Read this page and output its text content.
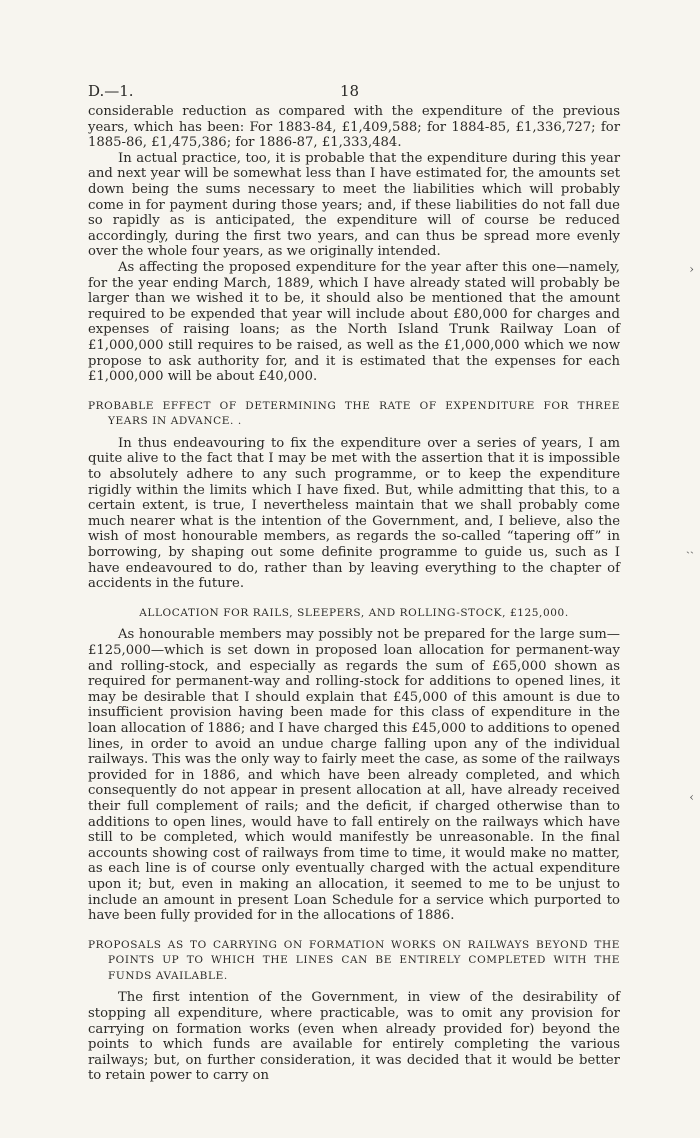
D.—1.	18

considerable reduction as compared with the expenditure of the previous years, which has been: For 1883-84, £1,409,588; for 1884-85, £1,336,727; for 1885-86, £1,475,386; for 1886-87, £1,333,484.

In actual practice, too, it is probable that the expenditure during this year and next year will be somewhat less than I have estimated for, the amounts set down being the sums necessary to meet the liabilities which will probably come in for payment during those years; and, if these liabilities do not fall due so rapidly as is anticipated, the expenditure will of course be reduced accordingly, during the first two years, and can thus be spread more evenly over the whole four years, as we originally intended.

As affecting the proposed expenditure for the year after this one—namely, for the year ending March, 1889, which I have already stated will probably be larger than we wished it to be, it should also be mentioned that the amount required to be expended that year will include about £80,000 for charges and expenses of raising loans; as the North Island Trunk Railway Loan of £1,000,000 still requires to be raised, as well as the £1,000,000 which we now propose to ask authority for, and it is estimated that the expenses for each £1,000,000 will be about £40,000.

PROBABLE EFFECT OF DETERMINING THE RATE OF EXPENDITURE FOR THREE YEARS IN ADVANCE. .

In thus endeavouring to fix the expenditure over a series of years, I am quite alive to the fact that I may be met with the assertion that it is impossible to absolutely adhere to any such programme, or to keep the expenditure rigidly within the limits which I have fixed. But, while admitting that this, to a certain extent, is true, I nevertheless maintain that we shall probably come much nearer what is the intention of the Government, and, I believe, also the wish of most honourable members, as regards the so-called “tapering off” in borrowing, by shaping out some definite programme to guide us, such as I have endeavoured to do, rather than by leaving everything to the chapter of accidents in the future.

ALLOCATION FOR RAILS, SLEEPERS, AND ROLLING-STOCK, £125,000.

As honourable members may possibly not be prepared for the large sum—£125,000—which is set down in proposed loan allocation for permanent-way and rolling-stock, and especially as regards the sum of £65,000 shown as required for permanent-way and rolling-stock for additions to opened lines, it may be desirable that I should explain that £45,000 of this amount is due to insufficient provision having been made for this class of expenditure in the loan allocation of 1886; and I have charged this £45,000 to additions to opened lines, in order to avoid an undue charge falling upon any of the individual railways. This was the only way to fairly meet the case, as some of the railways provided for in 1886, and which have been already completed, and which consequently do not appear in present allocation at all, have already received their full complement of rails; and the deficit, if charged otherwise than to additions to open lines, would have to fall entirely on the railways which have still to be completed, which would manifestly be unreasonable. In the final accounts showing cost of railways from time to time, it would make no matter, as each line is of course only eventually charged with the actual expenditure upon it; but, even in making an allocation, it seemed to me to be unjust to include an amount in present Loan Schedule for a service which purported to have been fully provided for in the allocations of 1886.

PROPOSALS AS TO CARRYING ON FORMATION WORKS ON RAILWAYS BEYOND THE POINTS UP TO WHICH THE LINES CAN BE ENTIRELY COMPLETED WITH THE FUNDS AVAILABLE.

The first intention of the Government, in view of the desirability of stopping all expenditure, where practicable, was to omit any provision for carrying on formation works (even when already provided for) beyond the points to which funds are available for entirely completing the various railways; but, on further consideration, it was decided that it would be better to retain power to carry on

›
ˎˏ
‹
